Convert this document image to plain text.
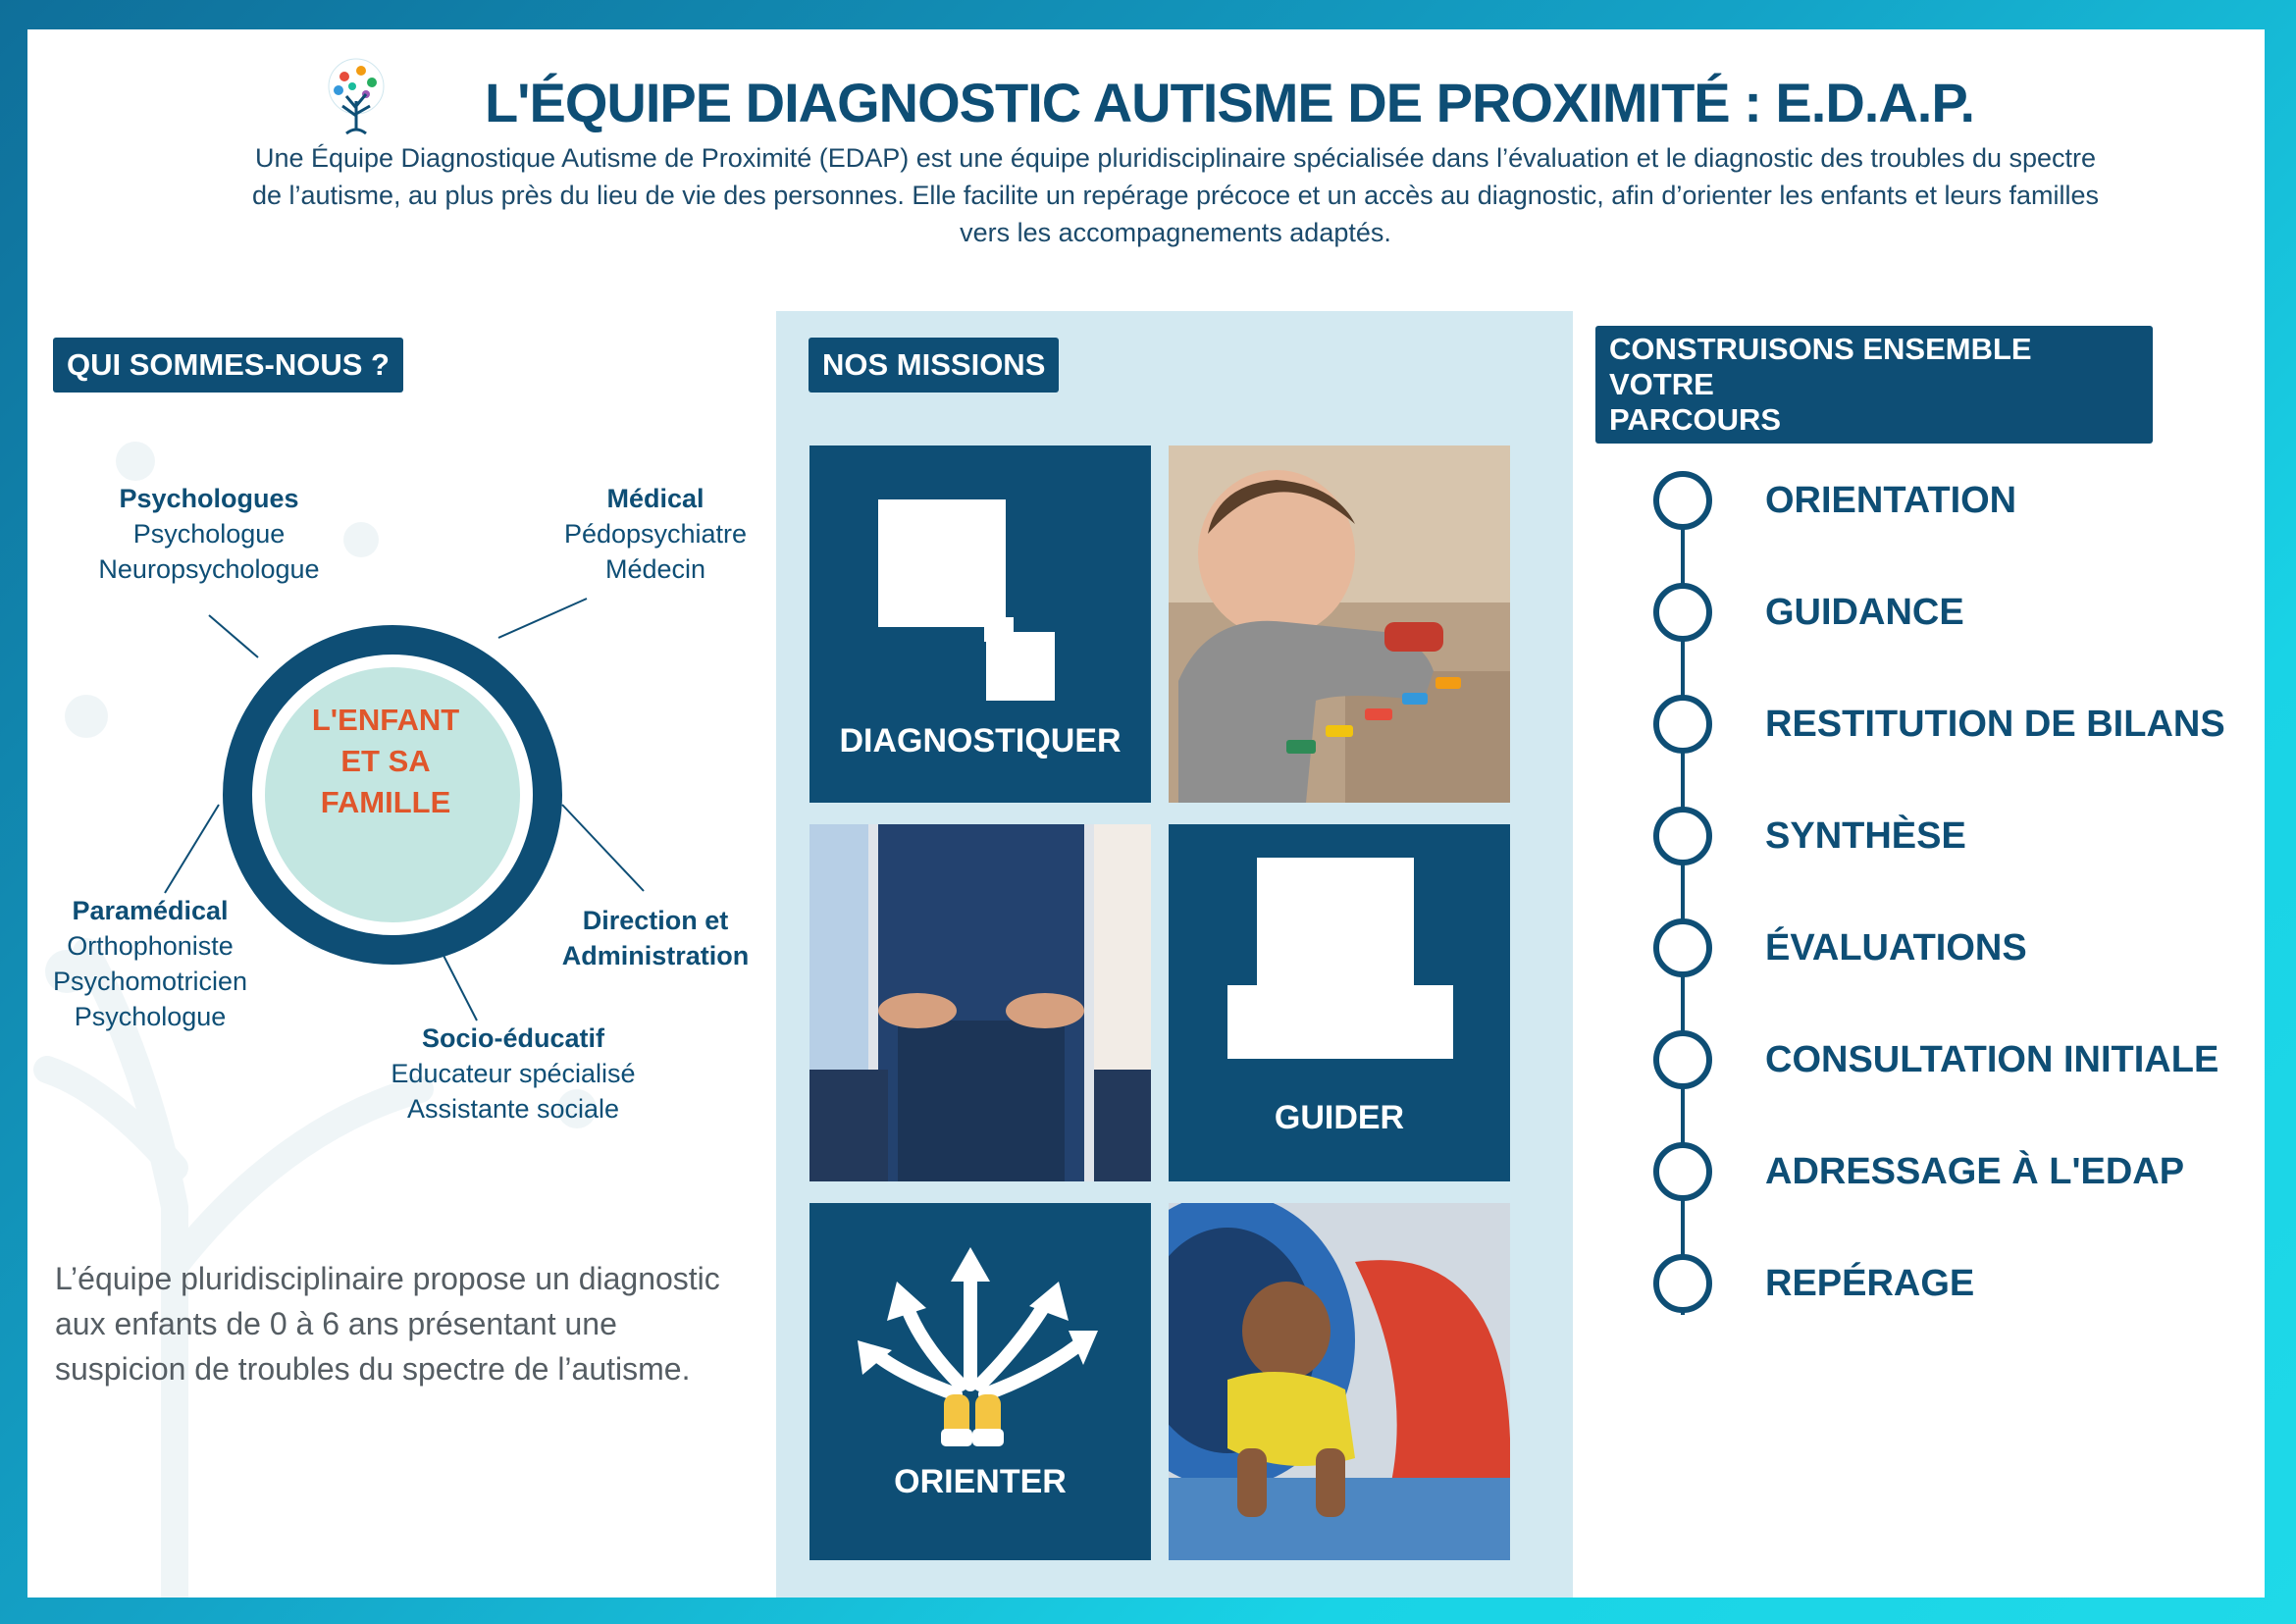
L'ÉQUIPE DIAGNOSTIC AUTISME DE PROXIMITÉ : E.D.A.P.
Une Équipe Diagnostique Autisme de Proximité (EDAP) est une équipe pluridisciplinaire spécialisée dans l’évaluation et le diagnostic des troubles du spectre de l’autisme, au plus près du lieu de vie des personnes. Elle facilite un repérage précoce et un accès au diagnostic, afin d’orienter les enfants et leurs familles vers les accompagnements adaptés.
QUI SOMMES-NOUS ?
L'ENFANT
ET SA
FAMILLE
Psychologues
Psychologue
Neuropsychologue
Médical
Pédopsychiatre
Médecin
Paramédical
Orthophoniste
Psychomotricien
Psychologue
Direction et
Administration
Socio-éducatif
Educateur spécialisé
Assistante sociale
L’équipe pluridisciplinaire propose un diagnostic aux enfants de 0 à 6 ans présentant une suspicion de troubles du spectre de l’autisme.
NOS MISSIONS
DIAGNOSTIQUER
GUIDER
ORIENTER
CONSTRUISONS ENSEMBLE VOTRE
PARCOURS
ORIENTATION
GUIDANCE
RESTITUTION DE BILANS
SYNTHÈSE
ÉVALUATIONS
CONSULTATION INITIALE
ADRESSAGE À L'EDAP
REPÉRAGE
